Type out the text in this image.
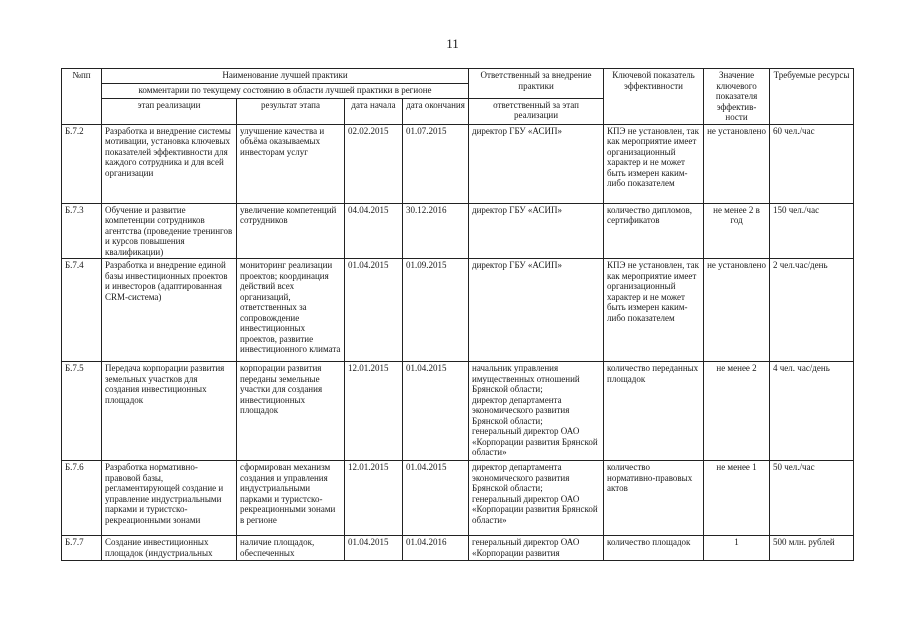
11
№пп	Наименование лучшей практики				Ответственный за внедрение практики	Ключевой показатель эффективности	Значение ключевого показателя эффектив-ности	Требуемые ресурсы
	комментарии по текущему состоянию в области лучшей практики в регионе							
	этап реализации	результат этапа	дата начала	дата окончания	ответственный за этап реализации			
Б.7.2	Разработка и внедрение системы мотивации, установка ключевых показателей эффективности для каждого сотрудника и для всей организации	улучшение качества и объёма оказываемых инвесторам услуг	02.02.2015	01.07.2015	директор ГБУ «АСИП»	КПЭ не установлен, так как мероприятие имеет организационный характер и не может быть измерен каким-либо показателем	не установлено	60 чел./час
Б.7.3	Обучение и развитие компетенции сотрудников агентства (проведение тренингов и курсов повышения квалификации)	увеличение компетенций сотрудников	04.04.2015	30.12.2016	директор ГБУ «АСИП»	количество дипломов, сертификатов	не менее 2 в год	150 чел./час
Б.7.4	Разработка и внедрение единой базы инвестиционных проектов и инвесторов (адаптированная CRM-система)	мониторинг реализации проектов; координация действий всех организаций, ответственных за сопровождение инвестиционных проектов, развитие инвестиционного климата	01.04.2015	01.09.2015	директор ГБУ «АСИП»	КПЭ не установлен, так как мероприятие имеет организационный характер и не может быть измерен каким-либо показателем	не установлено	2 чел.час/день
Б.7.5	Передача корпорации развития земельных участков для создания инвестиционных площадок	корпорации развития переданы земельные участки для создания инвестиционных площадок	12.01.2015	01.04.2015	начальник управления имущественных отношений Брянской области;
директор департамента экономического развития Брянской области;
генеральный директор ОАО «Корпорации развития Брянской области»	количество переданных площадок	не менее 2	4 чел. час/день
Б.7.6	Разработка нормативно-правовой базы, регламентирующей создание и управление индустриальными парками и туристско-рекреационными зонами	сформирован механизм создания и управления индустриальными парками и туристско-рекреационными зонами в регионе	12.01.2015	01.04.2015	директор департамента экономического развития Брянской области;
генеральный директор ОАО «Корпорации развития Брянской области»	количество нормативно-правовых актов	не менее 1	50 чел./час
Б.7.7	Создание инвестиционных площадок (индустриальных	наличие площадок, обеспеченных	01.04.2015	01.04.2016	генеральный директор ОАО «Корпорации развития	количество площадок	1	500 млн. рублей
